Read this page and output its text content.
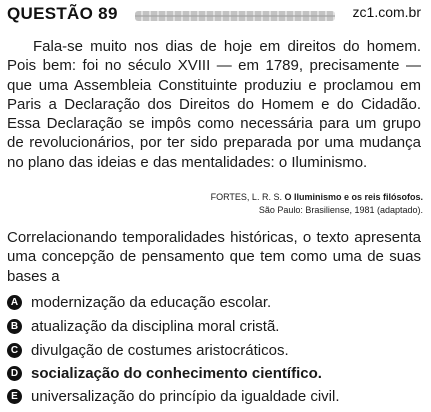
QUESTÃO 89	zc1.com.br

Fala-se muito nos dias de hoje em direitos do homem. Pois bem: foi no século XVIII — em 1789, precisamente — que uma Assembleia Constituinte produziu e proclamou em Paris a Declaração dos Direitos do Homem e do Cidadão. Essa Declaração se impôs como necessária para um grupo de revolucionários, por ter sido preparada por uma mudança no plano das ideias e das mentalidades: o Iluminismo.

FORTES, L. R. S. O Iluminismo e os reis filósofos.
São Paulo: Brasiliense, 1981 (adaptado).

Correlacionando temporalidades históricas, o texto apresenta uma concepção de pensamento que tem como uma de suas bases a

A modernização da educação escolar.
B atualização da disciplina moral cristã.
C divulgação de costumes aristocráticos.
D socialização do conhecimento científico.
E universalização do princípio da igualdade civil.
